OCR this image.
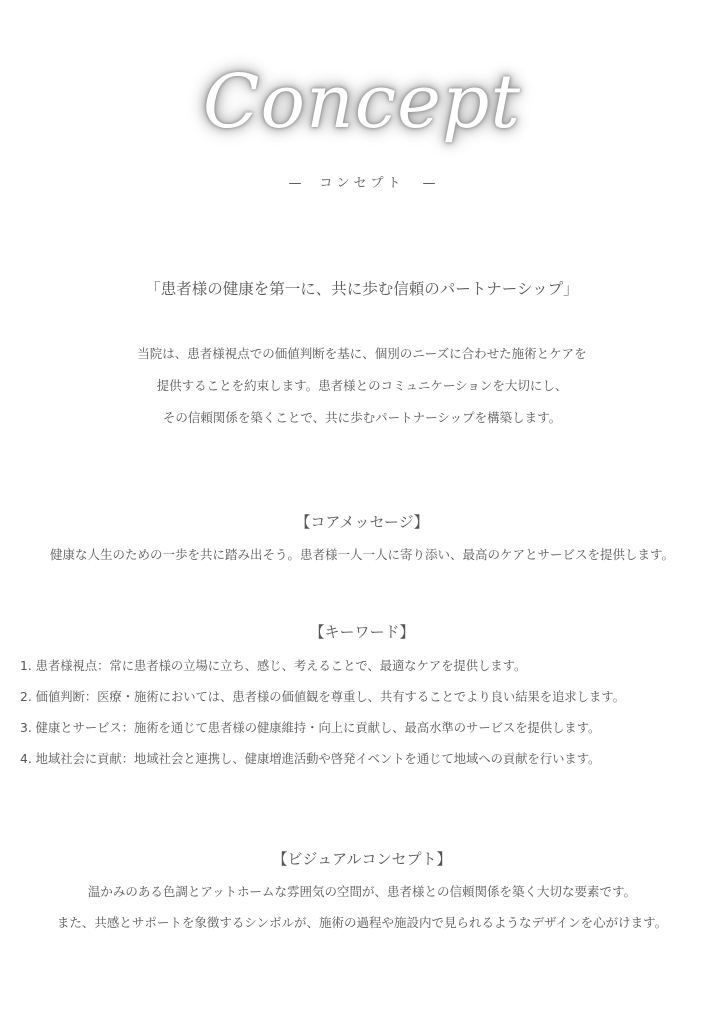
Concept
— コンセプト —
「患者様の健康を第一に、共に歩む信頼のパートナーシップ」

当院は、患者様視点での価値判断を基に、個別のニーズに合わせた施術とケアを

提供することを約束します。患者様とのコミュニケーションを大切にし、

その信頼関係を築くことで、共に歩むパートナーシップを構築します。

【コアメッセージ】
健康な人生のための一歩を共に踏み出そう。患者様一人一人に寄り添い、最高のケアとサービスを提供します。
【キーワード】
1. 患者様視点：常に患者様の立場に立ち、感じ、考えることで、最適なケアを提供します。
2. 価値判断：医療・施術においては、患者様の価値観を尊重し、共有することでより良い結果を追求します。
3. 健康とサービス：施術を通じて患者様の健康維持・向上に貢献し、最高水準のサービスを提供します。
4. 地域社会に貢献：地域社会と連携し、健康増進活動や啓発イベントを通じて地域への貢献を行います。
【ビジュアルコンセプト】

温かみのある色調とアットホームな雰囲気の空間が、患者様との信頼関係を築く大切な要素です。

また、共感とサポートを象徴するシンボルが、施術の過程や施設内で見られるようなデザインを心がけます。
